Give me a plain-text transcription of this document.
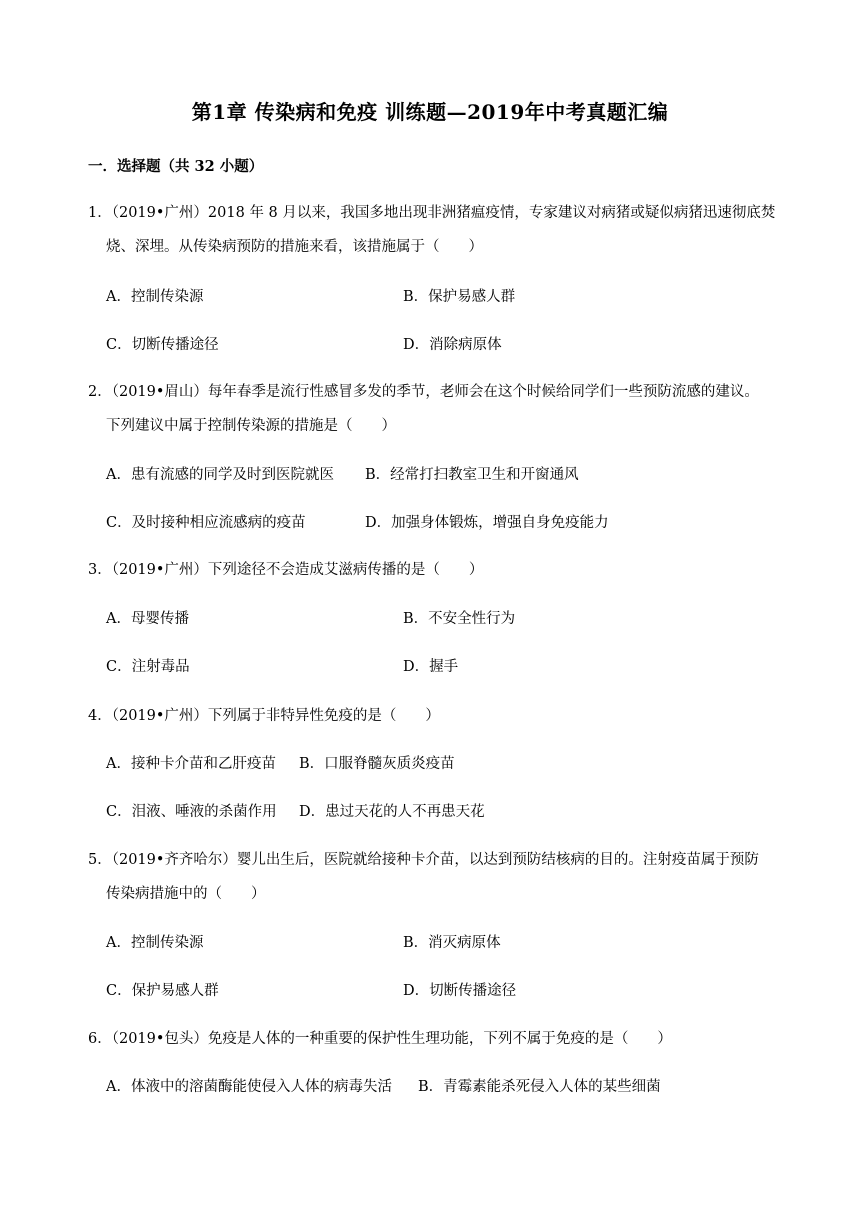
第1章 传染病和免疫 训练题—2019年中考真题汇编
一．选择题（共 32 小题）
1．（2019•广州）2018 年 8 月以来，我国多地出现非洲猪瘟疫情，专家建议对病猪或疑似病猪迅速彻底焚
烧、深埋。从传染病预防的措施来看，该措施属于（　　）
A．控制传染源	B．保护易感人群
C．切断传播途径	D．消除病原体
2．（2019•眉山）每年春季是流行性感冒多发的季节，老师会在这个时候给同学们一些预防流感的建议。
下列建议中属于控制传染源的措施是（　　）
A．患有流感的同学及时到医院就医 B．经常打扫教室卫生和开窗通风
C．及时接种相应流感病的疫苗	D．加强身体锻炼，增强自身免疫能力
3．（2019•广州）下列途径不会造成艾滋病传播的是（　　）
A．母婴传播	B．不安全性行为
C．注射毒品	D．握手
4．（2019•广州）下列属于非特异性免疫的是（　　）
A．接种卡介苗和乙肝疫苗 B．口服脊髓灰质炎疫苗
C．泪液、唾液的杀菌作用 D．患过天花的人不再患天花
5．（2019•齐齐哈尔）婴儿出生后，医院就给接种卡介苗，以达到预防结核病的目的。注射疫苗属于预防
传染病措施中的（　　）
A．控制传染源	B．消灭病原体
C．保护易感人群	D．切断传播途径
6．（2019•包头）免疫是人体的一种重要的保护性生理功能，下列不属于免疫的是（　　）
A．体液中的溶菌酶能使侵入人体的病毒失活 B．青霉素能杀死侵入人体的某些细菌
